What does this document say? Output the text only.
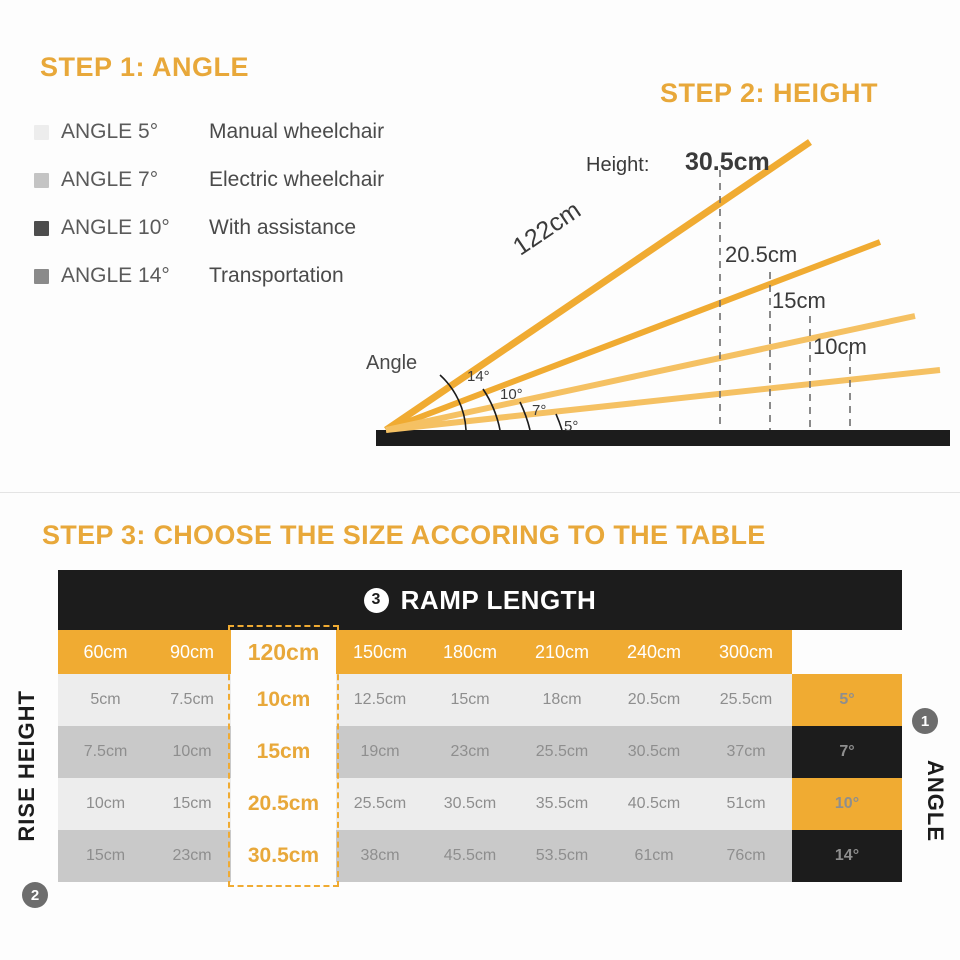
STEP 1: ANGLE
ANGLE 5°	Manual wheelchair
ANGLE 7°	Electric wheelchair
ANGLE 10°	With assistance
ANGLE 14°	Transportation
STEP 2: HEIGHT
Height: 30.5cm
20.5cm
15cm
10cm
122cm
Angle
14°
10°
7°
5°
STEP 3: CHOOSE THE SIZE ACCORING TO THE TABLE
RISE HEIGHT
2
ANGLE
1
3 RAMP LENGTH
60cm	90cm	120cm	150cm	180cm	210cm	240cm	300cm	
5cm	7.5cm	10cm	12.5cm	15cm	18cm	20.5cm	25.5cm	5°
7.5cm	10cm	15cm	19cm	23cm	25.5cm	30.5cm	37cm	7°
10cm	15cm	20.5cm	25.5cm	30.5cm	35.5cm	40.5cm	51cm	10°
15cm	23cm	30.5cm	38cm	45.5cm	53.5cm	61cm	76cm	14°
